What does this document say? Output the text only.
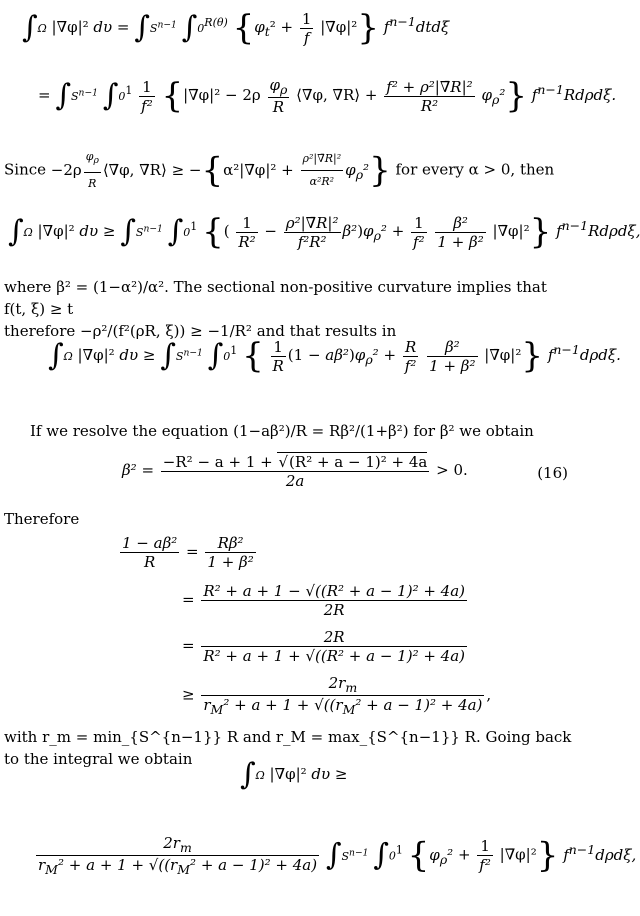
∫Ω |∇φ|² $d\upsilon = \int S^{n-1}$ $\int 0^{R(\theta)}$ {$\varphi_t^2 + \frac{1}{f}$ |∇̄φ|²} $f^{n-1}dtd\xi$
= $\int S^{n-1}$ $\int 0^1 \frac{1}{\text{f²}}$ {|∇̄φ|² − $2\rho \frac{\varphi_\rho}{R}$ ⟨∇̄φ, ∇̄R⟩ + $\frac{\text{f² + ρ²|∇̄R|²}}{\text{R²}} \varphi_\rho^2$} $f^{n-1}Rd\rho d\xi$.
Since $-2\rho \frac{\varphi_\rho}{R}$ ⟨∇̄φ, ∇̄R⟩ ≥ −{α²|∇̄φ|² + $\frac{\text{ρ²|∇̄R|²}}{\text{α²R²}} \varphi_\rho^2$} for every α > 0, then
∫Ω |∇φ|² $d\upsilon \ge \int S^{n-1}$ $\int 0^1$ {( $\frac{1}{\text{R²}} - \frac{\text{ρ²|∇̄R|²}}{\text{f²R²}} \beta^2)\varphi_\rho^2 + \frac{1}{\text{f²}}$
$\frac{\text{β²}}{\text{1 + β²}}$ |∇̄φ|²} $f^{n-1}Rd\rho d\xi$,
where β² = (1−α²)/α². The sectional non-positive curvature implies that f(t, ξ) ≥ t
therefore −ρ²/(f²(ρR, ξ)) ≥ −1/R² and that results in
∫Ω |∇φ|² $d\upsilon \ge \int S^{n-1}$ $\int 0^1$ { $\frac{1}{R} (1 - a\beta^2)\varphi_\rho^2 + \frac{R}{\text{f²}}$
$\frac{\text{β²}}{\text{1 + β²}}$ |∇̄φ|²} $f^{n-1}d\rho d\xi$.
If we resolve the equation (1−aβ²)/R = Rβ²/(1+β²) for β² we obtain
$\beta^2 = \frac{\text{−R² − a + 1 + √(R² + a − 1)² + 4a}}{2a} > 0$.	(16)
Therefore
$\frac{\text{1 − aβ²}}{R} = \frac{\text{Rβ²}}{\text{1 + β²}}$
= $\frac{\text{R² + a + 1 − √((R² + a − 1)² + 4a)}}{2R}$
= $\frac{2R}{\text{R² + a + 1 + √((R² + a − 1)² + 4a)}}$
≥ $\frac{2r_m}{r_M^2 + a + 1 + √((r_M^2 + a - 1)^2 + 4a)}$ ,
with r_m = min_{S^{n−1}} R and r_M = max_{S^{n−1}} R. Going back to the integral we obtain	∫Ω |∇φ|² dυ ≥
$\frac{2r_m}{r_M^2 + a + 1 + √((r_M^2 + a - 1)^2 + 4a)} \int S^{n-1}$ $\int 0^1$ {$\varphi_\rho^2 + \frac{1}{\text{f²}}$ |∇̄φ|²} $f^{n-1}d\rho d\xi$,
